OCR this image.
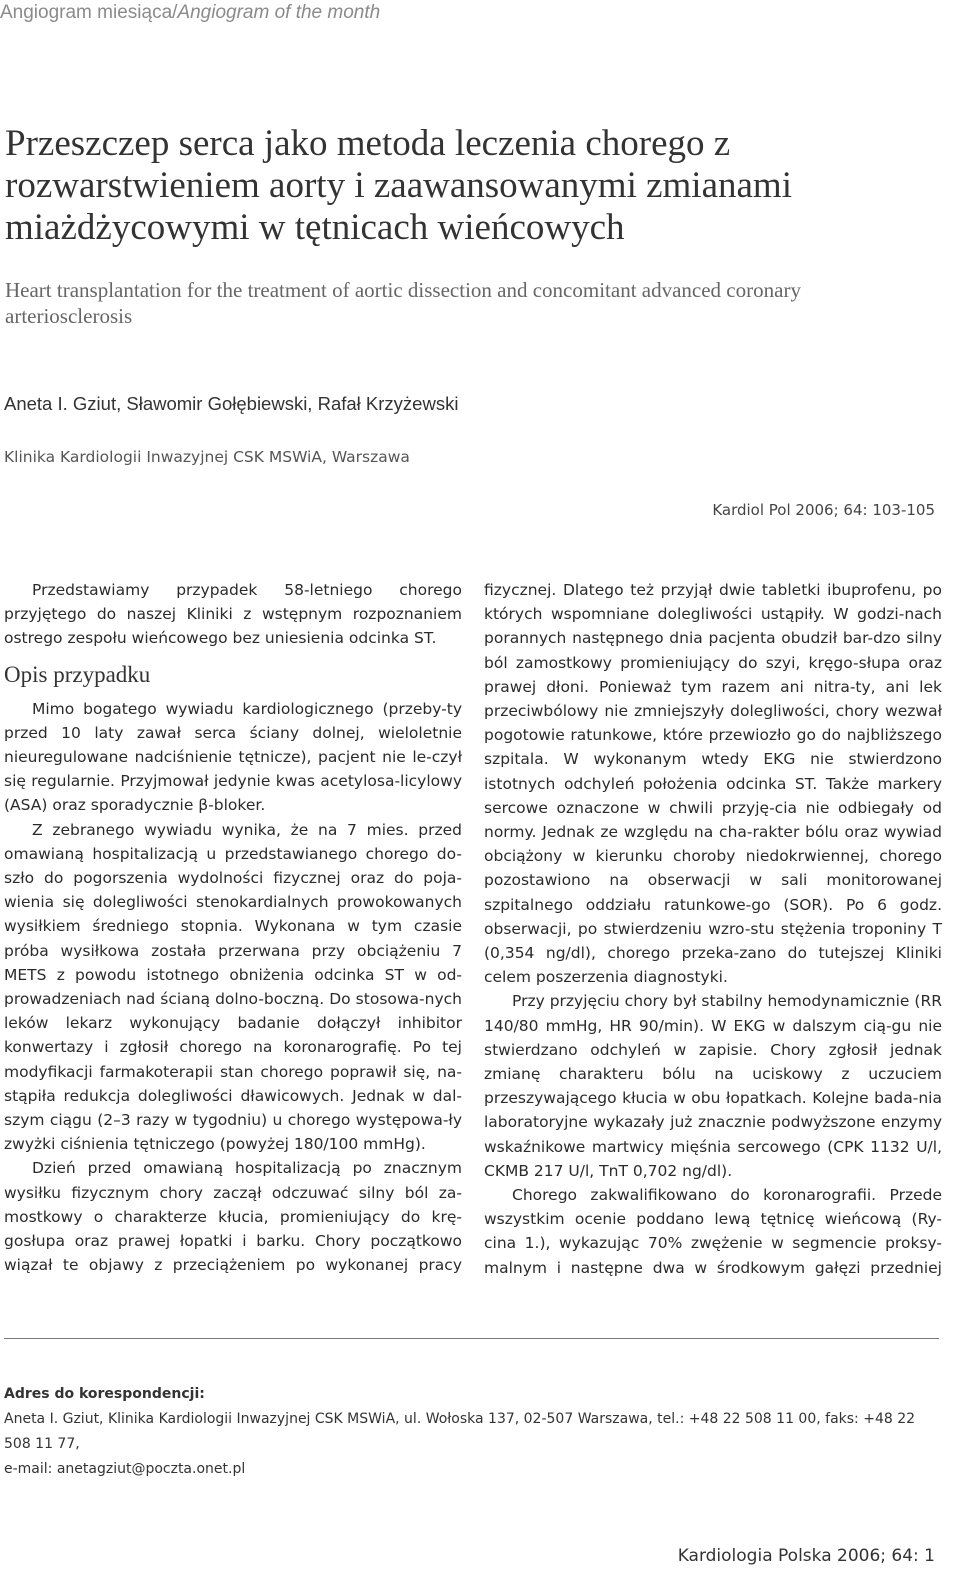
Angiogram miesiąca/Angiogram of the month
Przeszczep serca jako metoda leczenia chorego z rozwarstwieniem aorty i zaawansowanymi zmianami miażdżycowymi w tętnicach wieńcowych
Heart transplantation for the treatment of aortic dissection and concomitant advanced coronary arteriosclerosis
Aneta I. Gziut, Sławomir Gołębiewski, Rafał Krzyżewski
Klinika Kardiologii Inwazyjnej CSK MSWiA, Warszawa
Kardiol Pol 2006; 64: 103-105

Przedstawiamy przypadek 58-letniego chorego przyjętego do naszej Kliniki z wstępnym rozpoznaniem ostrego zespołu wieńcowego bez uniesienia odcinka ST.

Opis przypadku

Mimo bogatego wywiadu kardiologicznego (przeby-ty przed 10 laty zawał serca ściany dolnej, wieloletnie nieuregulowane nadciśnienie tętnicze), pacjent nie le-czył się regularnie. Przyjmował jedynie kwas acetylosa-licylowy (ASA) oraz sporadycznie β-bloker.

Z zebranego wywiadu wynika, że na 7 mies. przed omawianą hospitalizacją u przedstawianego chorego do-szło do pogorszenia wydolności fizycznej oraz do poja-wienia się dolegliwości stenokardialnych prowokowanych wysiłkiem średniego stopnia. Wykonana w tym czasie próba wysiłkowa została przerwana przy obciążeniu 7 METS z powodu istotnego obniżenia odcinka ST w od-prowadzeniach nad ścianą dolno-boczną. Do stosowa-nych leków lekarz wykonujący badanie dołączył inhibitor konwertazy i zgłosił chorego na koronarografię. Po tej modyfikacji farmakoterapii stan chorego poprawił się, na-stąpiła redukcja dolegliwości dławicowych. Jednak w dal-szym ciągu (2–3 razy w tygodniu) u chorego występowa-ły zwyżki ciśnienia tętniczego (powyżej 180/100 mmHg).

Dzień przed omawianą hospitalizacją po znacznym wysiłku fizycznym chory zaczął odczuwać silny ból za-mostkowy o charakterze kłucia, promieniujący do krę-gosłupa oraz prawej łopatki i barku. Chory początkowo wiązał te objawy z przeciążeniem po wykonanej pracy

fizycznej. Dlatego też przyjął dwie tabletki ibuprofenu, po których wspomniane dolegliwości ustąpiły. W godzi-nach porannych następnego dnia pacjenta obudził bar-dzo silny ból zamostkowy promieniujący do szyi, kręgo-słupa oraz prawej dłoni. Ponieważ tym razem ani nitra-ty, ani lek przeciwbólowy nie zmniejszyły dolegliwości, chory wezwał pogotowie ratunkowe, które przewiozło go do najbliższego szpitala. W wykonanym wtedy EKG nie stwierdzono istotnych odchyleń położenia odcinka ST. Także markery sercowe oznaczone w chwili przyję-cia nie odbiegały od normy. Jednak ze względu na cha-rakter bólu oraz wywiad obciążony w kierunku choroby niedokrwiennej, chorego pozostawiono na obserwacji w sali monitorowanej szpitalnego oddziału ratunkowe-go (SOR). Po 6 godz. obserwacji, po stwierdzeniu wzro-stu stężenia troponiny T (0,354 ng/dl), chorego przeka-zano do tutejszej Kliniki celem poszerzenia diagnostyki.

Przy przyjęciu chory był stabilny hemodynamicznie (RR 140/80 mmHg, HR 90/min). W EKG w dalszym cią-gu nie stwierdzano odchyleń w zapisie. Chory zgłosił jednak zmianę charakteru bólu na uciskowy z uczuciem przeszywającego kłucia w obu łopatkach. Kolejne bada-nia laboratoryjne wykazały już znacznie podwyższone enzymy wskaźnikowe martwicy mięśnia sercowego (CPK 1132 U/l, CKMB 217 U/l, TnT 0,702 ng/dl).

Chorego zakwalifikowano do koronarografii. Przede wszystkim ocenie poddano lewą tętnicę wieńcową (Ry-cina 1.), wykazując 70% zwężenie w segmencie proksy-malnym i następne dwa w środkowym gałęzi przedniej

Adres do korespondencji:
Aneta I. Gziut, Klinika Kardiologii Inwazyjnej CSK MSWiA, ul. Wołoska 137, 02-507 Warszawa, tel.: +48 22 508 11 00, faks: +48 22 508 11 77,
e-mail: anetagziut@poczta.onet.pl
Kardiologia Polska 2006; 64: 1
